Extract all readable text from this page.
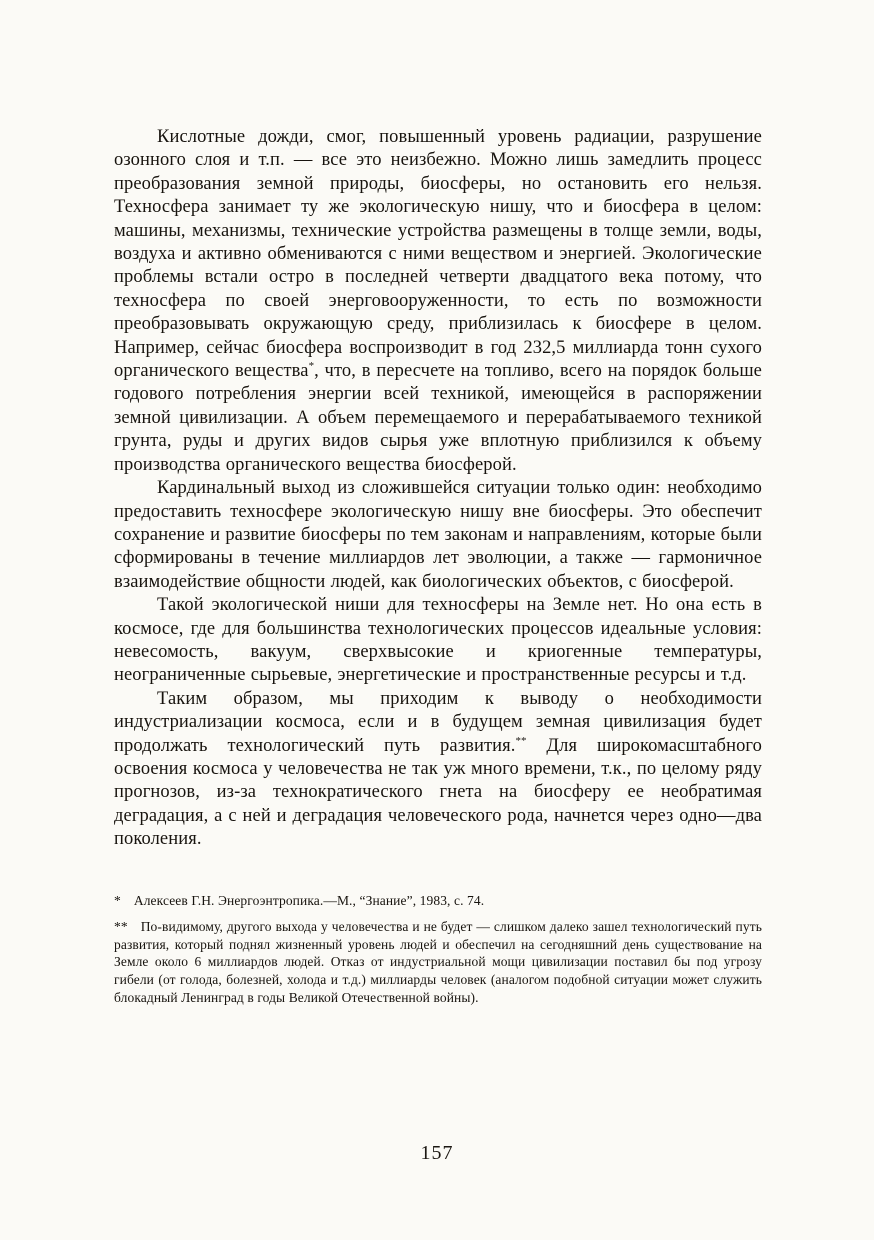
Кислотные дожди, смог, повышенный уровень радиации, разрушение озонного слоя и т.п. — все это неизбежно. Можно лишь замедлить процесс преобразования земной природы, биосферы, но остановить его нельзя. Техносфера занимает ту же экологическую нишу, что и биосфера в целом: машины, механизмы, технические устройства размещены в толще земли, воды, воздуха и активно обмениваются с ними веществом и энергией. Экологические проблемы встали остро в последней четверти двадцатого века потому, что техносфера по своей энерговооруженности, то есть по возможности преобразовывать окружающую среду, приблизилась к биосфере в целом. Например, сейчас биосфера воспроизводит в год 232,5 миллиарда тонн сухого органического вещества*, что, в пересчете на топливо, всего на порядок больше годового потребления энергии всей техникой, имеющейся в распоряжении земной цивилизации. А объем перемещаемого и перерабатываемого техникой грунта, руды и других видов сырья уже вплотную приблизился к объему производства органического вещества биосферой.

Кардинальный выход из сложившейся ситуации только один: необходимо предоставить техносфере экологическую нишу вне биосферы. Это обеспечит сохранение и развитие биосферы по тем законам и направлениям, которые были сформированы в течение миллиардов лет эволюции, а также — гармоничное взаимодействие общности людей, как биологических объектов, с биосферой.

Такой экологической ниши для техносферы на Земле нет. Но она есть в космосе, где для большинства технологических процессов идеальные условия: невесомость, вакуум, сверхвысокие и криогенные температуры, неограниченные сырьевые, энергетические и пространственные ресурсы и т.д.

Таким образом, мы приходим к выводу о необходимости индустриализации космоса, если и в будущем земная цивилизация будет продолжать технологический путь развития.** Для широкомасштабного освоения космоса у человечества не так уж много времени, т.к., по целому ряду прогнозов, из-за технократического гнета на биосферу ее необратимая деградация, а с ней и деградация человеческого рода, начнется через одно—два поколения.

* Алексеев Г.Н. Энергоэнтропика.—М., “Знание”, 1983, с. 74.

** По-видимому, другого выхода у человечества и не будет — слишком далеко зашел технологический путь развития, который поднял жизненный уровень людей и обеспечил на сегодняшний день существование на Земле около 6 миллиардов людей. Отказ от индустриальной мощи цивилизации поставил бы под угрозу гибели (от голода, болезней, холода и т.д.) миллиарды человек (аналогом подобной ситуации может служить блокадный Ленинград в годы Великой Отечественной войны).

157
